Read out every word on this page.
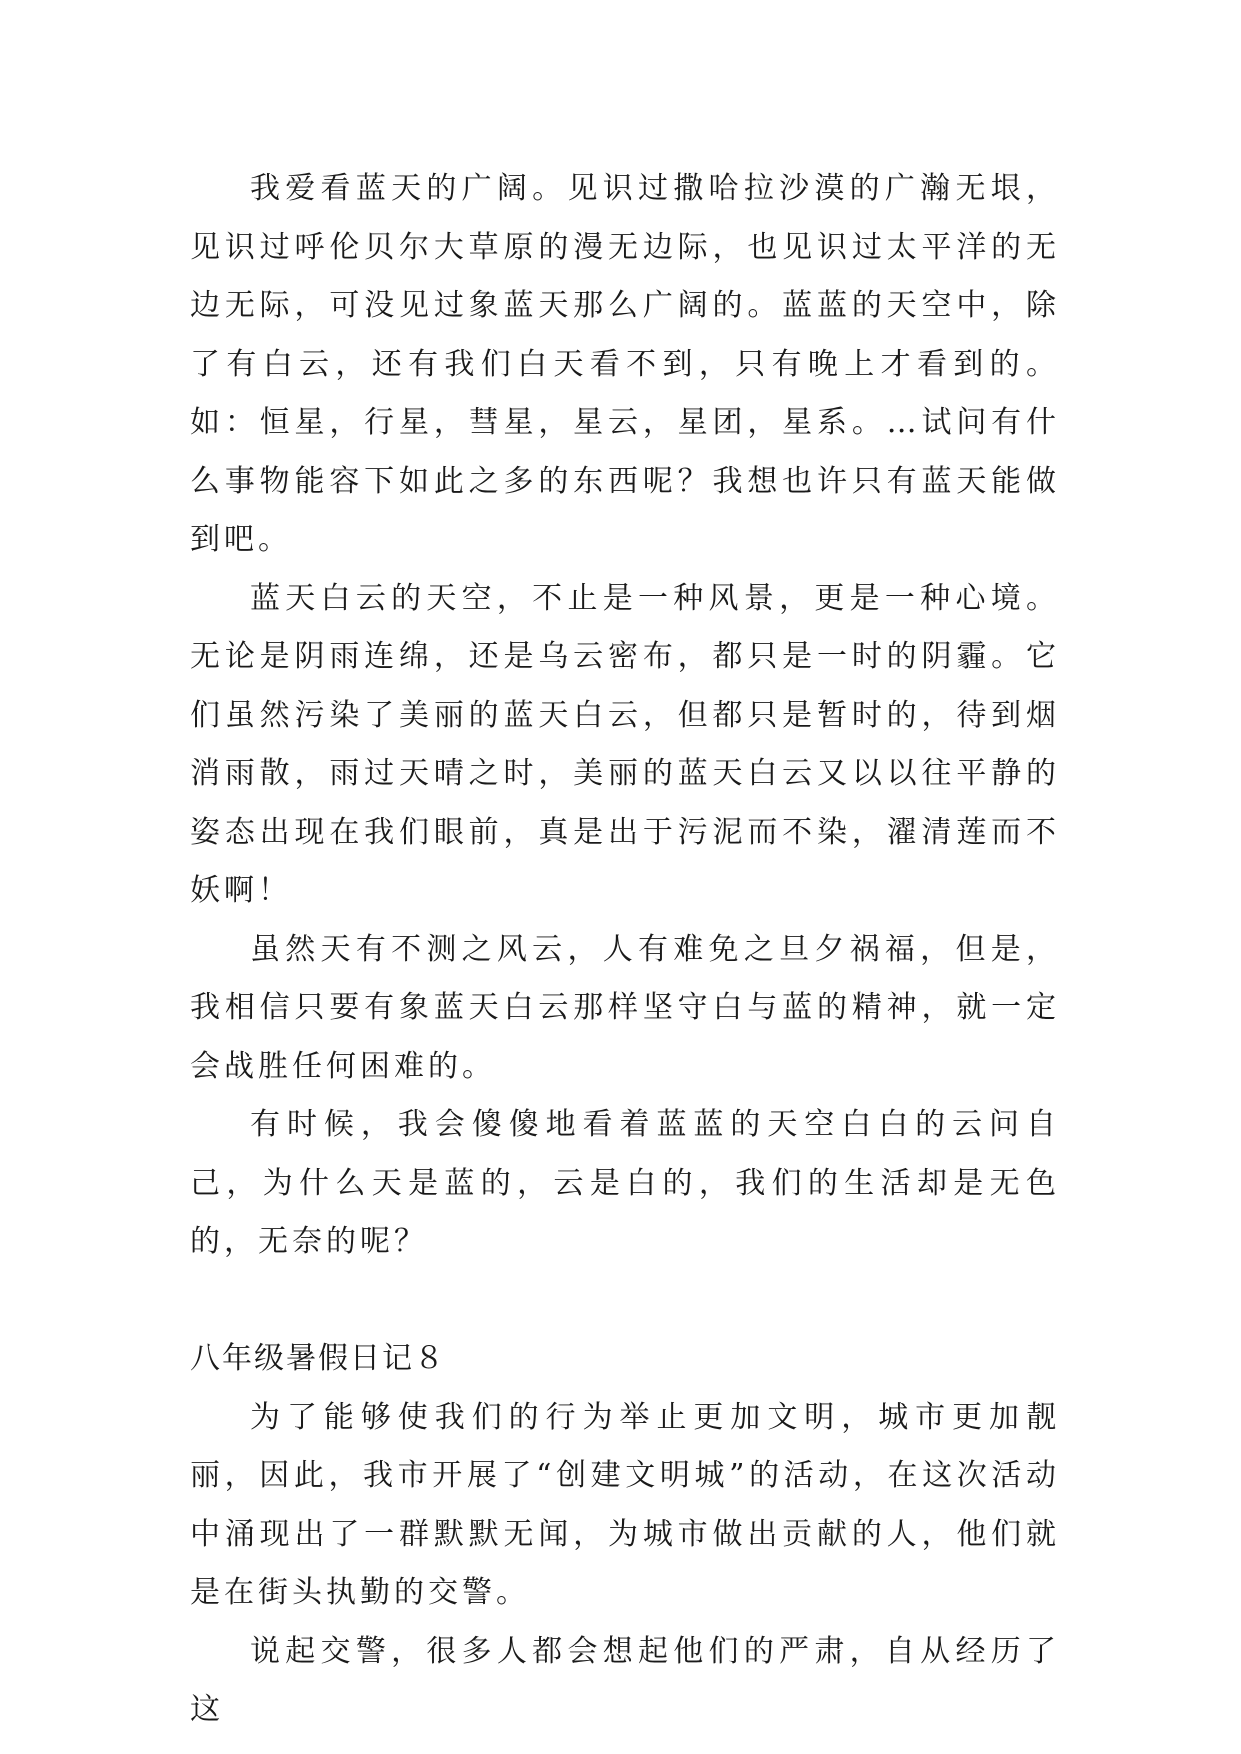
我爱看蓝天的广阔。见识过撒哈拉沙漠的广瀚无垠，见识过呼伦贝尔大草原的漫无边际，也见识过太平洋的无边无际，可没见过象蓝天那么广阔的。蓝蓝的天空中，除了有白云，还有我们白天看不到，只有晚上才看到的。如：恒星，行星，彗星，星云，星团，星系。…试问有什么事物能容下如此之多的东西呢？我想也许只有蓝天能做到吧。

蓝天白云的天空，不止是一种风景，更是一种心境。无论是阴雨连绵，还是乌云密布，都只是一时的阴霾。它们虽然污染了美丽的蓝天白云，但都只是暂时的，待到烟消雨散，雨过天晴之时，美丽的蓝天白云又以以往平静的姿态出现在我们眼前，真是出于污泥而不染，濯清莲而不妖啊！

虽然天有不测之风云，人有难免之旦夕祸福，但是，我相信只要有象蓝天白云那样坚守白与蓝的精神，就一定会战胜任何困难的。

有时候，我会傻傻地看着蓝蓝的天空白白的云问自己，为什么天是蓝的，云是白的，我们的生活却是无色的，无奈的呢？

八年级暑假日记８

为了能够使我们的行为举止更加文明，城市更加靓丽，因此，我市开展了“创建文明城”的活动，在这次活动中涌现出了一群默默无闻，为城市做出贡献的人，他们就是在街头执勤的交警。

说起交警，很多人都会想起他们的严肃，自从经历了这
